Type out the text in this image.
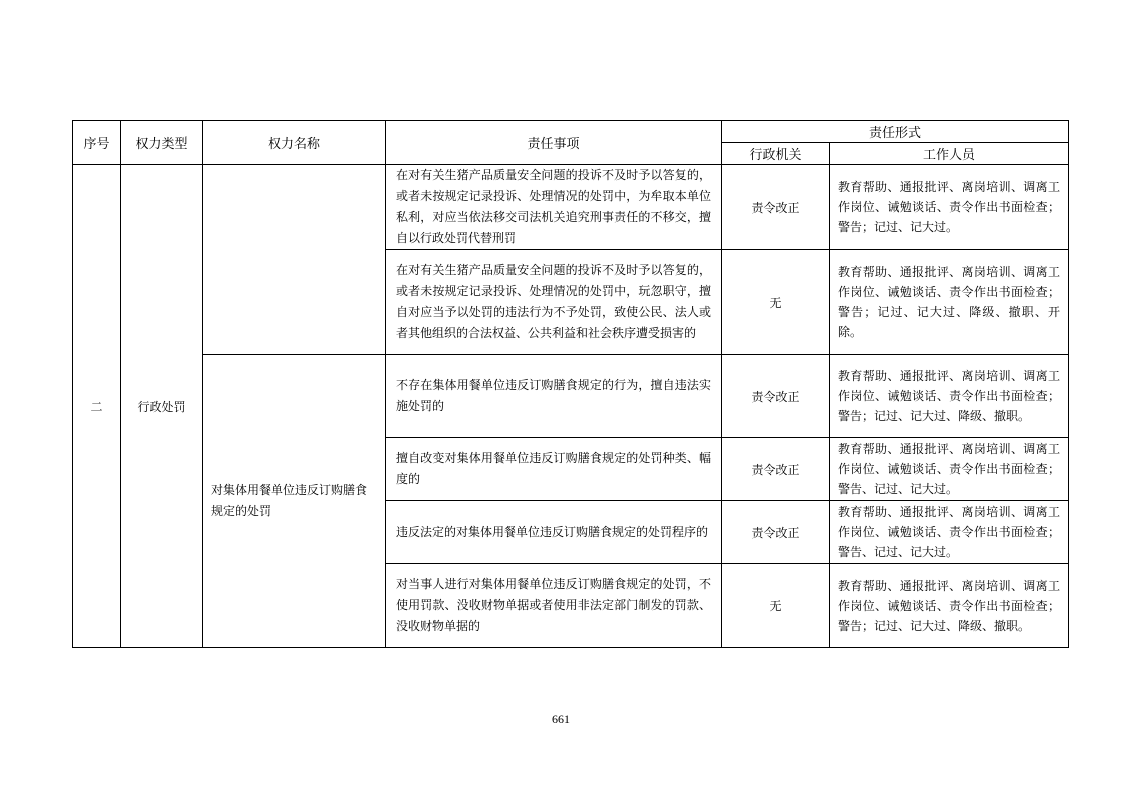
序号	权力类型	权力名称	责任事项	责任形式	
				行政机关	工作人员
二	行政处罚		在对有关生猪产品质量安全问题的投诉不及时予以答复的，或者未按规定记录投诉、处理情况的处罚中，为牟取本单位私利，对应当依法移交司法机关追究刑事责任的不移交，擅自以行政处罚代替刑罚	责令改正	教育帮助、通报批评、离岗培训、调离工作岗位、诫勉谈话、责令作出书面检查；警告；记过、记大过。
			在对有关生猪产品质量安全问题的投诉不及时予以答复的，或者未按规定记录投诉、处理情况的处罚中，玩忽职守，擅自对应当予以处罚的违法行为不予处罚，致使公民、法人或者其他组织的合法权益、公共利益和社会秩序遭受损害的	无	教育帮助、通报批评、离岗培训、调离工作岗位、诫勉谈话、责令作出书面检查；警告；记过、记大过、降级、撤职、开除。
		对集体用餐单位违反订购膳食规定的处罚	不存在集体用餐单位违反订购膳食规定的行为，擅自违法实施处罚的	责令改正	教育帮助、通报批评、离岗培训、调离工作岗位、诫勉谈话、责令作出书面检查；警告；记过、记大过、降级、撤职。
			擅自改变对集体用餐单位违反订购膳食规定的处罚种类、幅度的	责令改正	教育帮助、通报批评、离岗培训、调离工作岗位、诫勉谈话、责令作出书面检查；警告、记过、记大过。
			违反法定的对集体用餐单位违反订购膳食规定的处罚程序的	责令改正	教育帮助、通报批评、离岗培训、调离工作岗位、诫勉谈话、责令作出书面检查；警告、记过、记大过。
			对当事人进行对集体用餐单位违反订购膳食规定的处罚，不使用罚款、没收财物单据或者使用非法定部门制发的罚款、没收财物单据的	无	教育帮助、通报批评、离岗培训、调离工作岗位、诫勉谈话、责令作出书面检查；警告；记过、记大过、降级、撤职。
661
